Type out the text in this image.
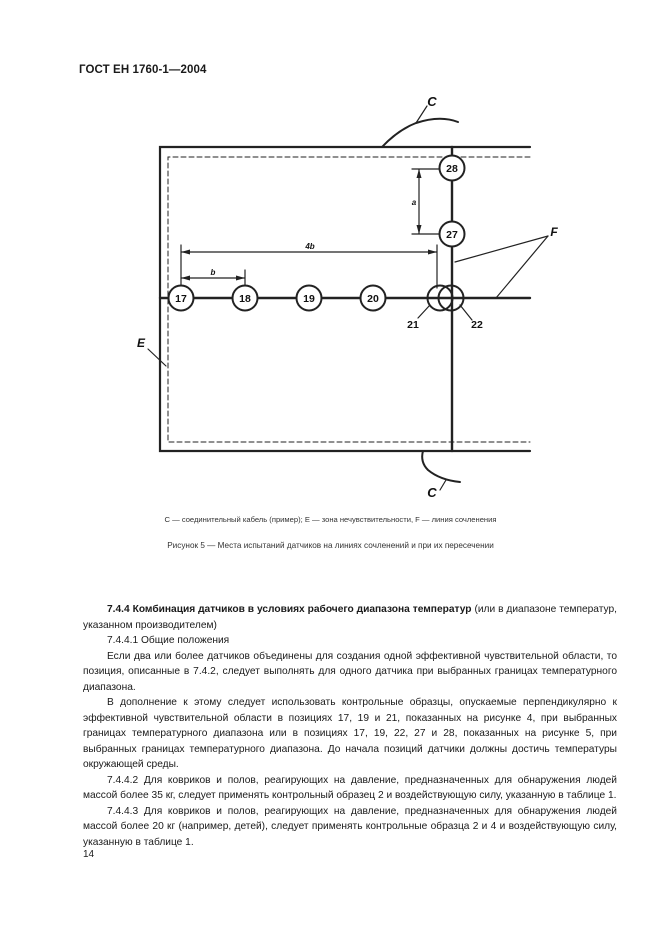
ГОСТ ЕН 1760-1—2004
17	18	19	20
28
27
21	22
C
C
E
F
a
b
4b
C — соединительный кабель (пример); E — зона нечувствительности, F — линия сочленения
Рисунок 5 — Места испытаний датчиков на линиях сочленений и при их пересечении

7.4.4 Комбинация датчиков в условиях рабочего диапазона температур (или в диапазоне температур, указанном производителем)

7.4.4.1 Общие положения

Если два или более датчиков объединены для создания одной эффективной чувствительной области, то позиция, описанные в 7.4.2, следует выполнять для одного датчика при выбранных границах температурного диапазона.

В дополнение к этому следует использовать контрольные образцы, опускаемые перпендикулярно к эффективной чувствительной области в позициях 17, 19 и 21, показанных на рисунке 4, при выбранных границах температурного диапазона или в позициях 17, 19, 22, 27 и 28, показанных на рисунке 5, при выбранных границах температурного диапазона. До начала позиций датчики должны достичь температуры окружающей среды.

7.4.4.2 Для ковриков и полов, реагирующих на давление, предназначенных для обнаружения людей массой более 35 кг, следует применять контрольный образец 2 и воздействующую силу, указанную в таблице 1.

7.4.4.3 Для ковриков и полов, реагирующих на давление, предназначенных для обнаружения людей массой более 20 кг (например, детей), следует применять контрольные образца 2 и 4 и воздействующую силу, указанную в таблице 1.

14
